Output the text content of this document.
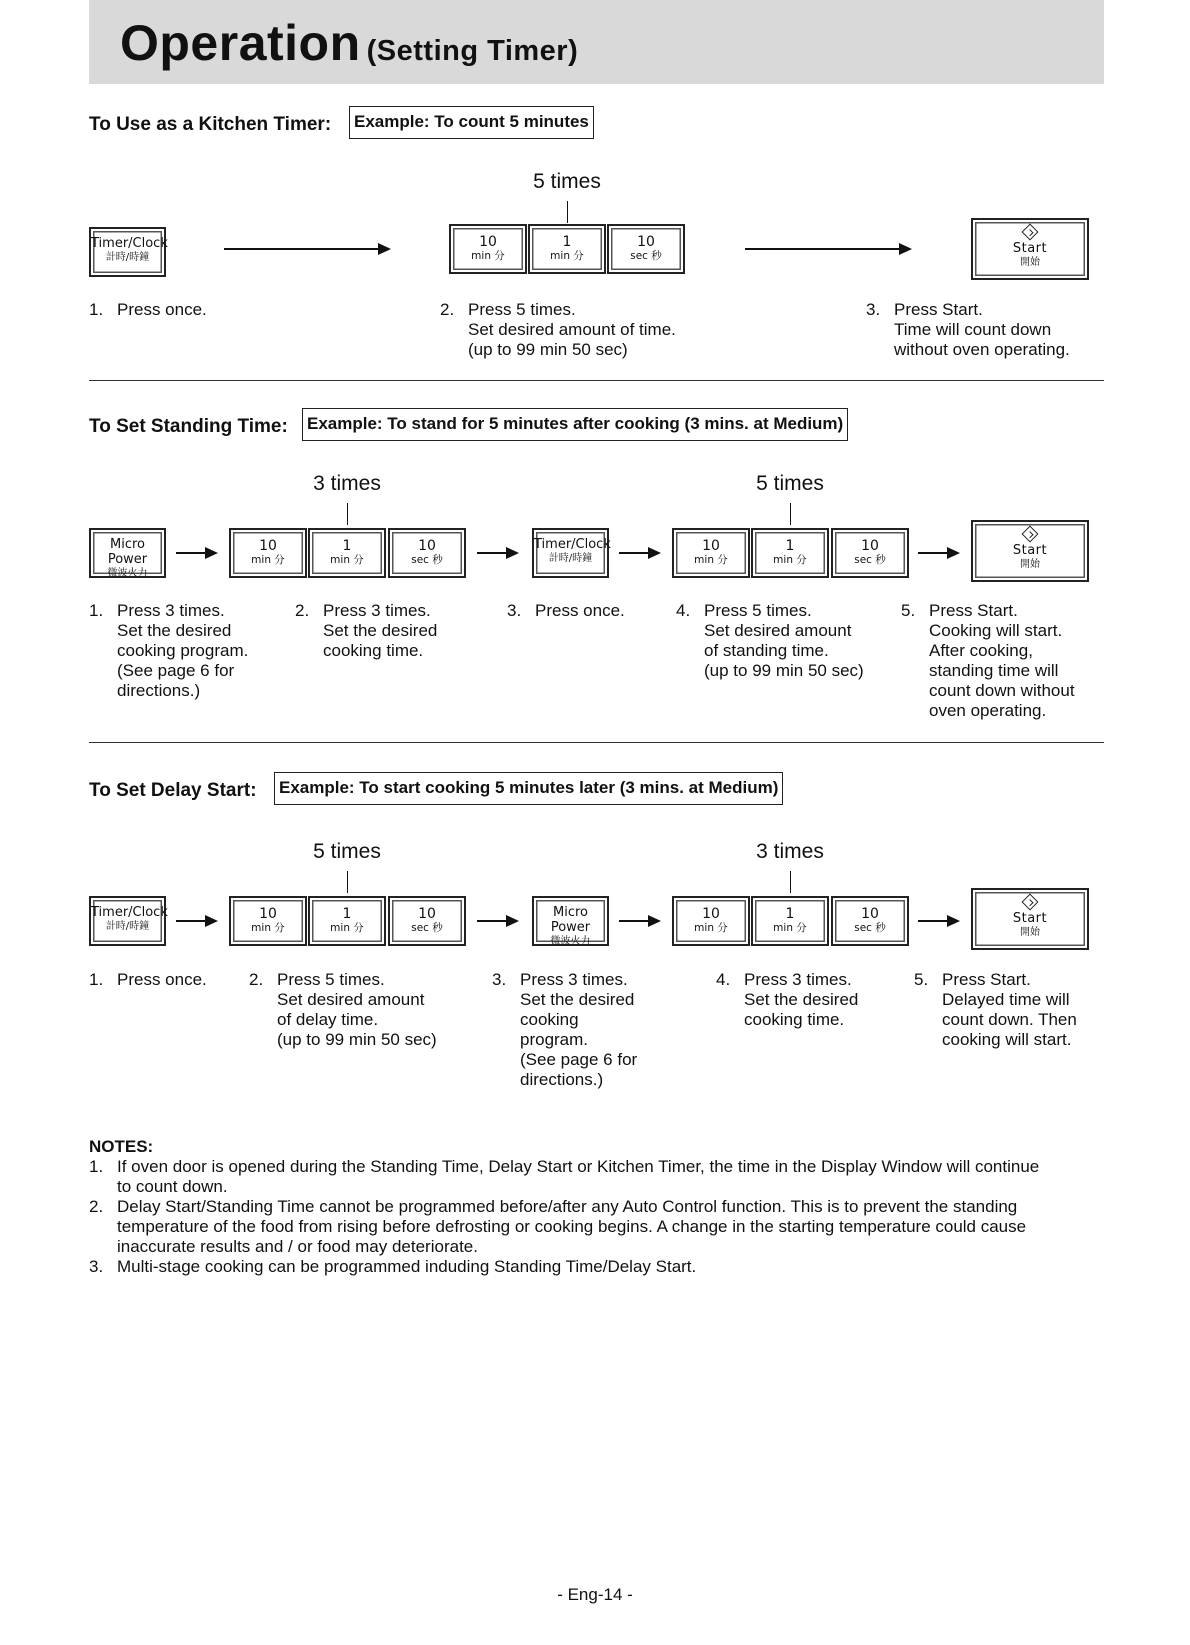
Operation (Setting Timer)
To Use as a Kitchen Timer: Example: To count 5 minutes
5 times
Timer/Clock
計時/時鐘
10
min 分
1
min 分
10
sec 秒	Start
開始
1. Press once.	2. Press 5 times.
Set desired amount of time.
(up to 99 min 50 sec)
3. Press Start.
Time will count down
without oven operating.
To Set Standing Time: Example: To stand for 5 minutes after cooking (3 mins. at Medium)
3 times	5 times
Micro Power
微波火力
10
min 分
1
min 分
10
sec 秒
Timer/Clock
計時/時鐘
10
min 分
1
min 分
10
sec 秒
Start
開始
1. Press 3 times.
Set the desired
cooking program.
(See page 6 for
directions.)
2. Press 3 times.
Set the desired
cooking time.
3. Press once.	4. Press 5 times.
Set desired amount
of standing time.
(up to 99 min 50 sec)
5. Press Start.
Cooking will start.
After cooking,
standing time will
count down without
oven operating.
To Set Delay Start: Example: To start cooking 5 minutes later (3 mins. at Medium)
5 times	3 times
Timer/Clock
計時/時鐘
10
min 分
1
min 分
10
sec 秒
Micro Power
微波火力
10
min 分
1
min 分
10
sec 秒
Start
開始
1. Press once. 2. Press 5 times.
Set desired amount
of delay time.
(up to 99 min 50 sec)
3. Press 3 times.
Set the desired
cooking
program.
(See page 6 for
directions.)
4. Press 3 times.
Set the desired
cooking time.
5. Press Start.
Delayed time will
count down. Then
cooking will start.
NOTES:
1. If oven door is opened during the Standing Time, Delay Start or Kitchen Timer, the time in the Display Window will continue
to count down.
2. Delay Start/Standing Time cannot be programmed before/after any Auto Control function. This is to prevent the standing
temperature of the food from rising before defrosting or cooking begins. A change in the starting temperature could cause
inaccurate results and / or food may deteriorate.
3. Multi-stage cooking can be programmed induding Standing Time/Delay Start.
- Eng-14 -
